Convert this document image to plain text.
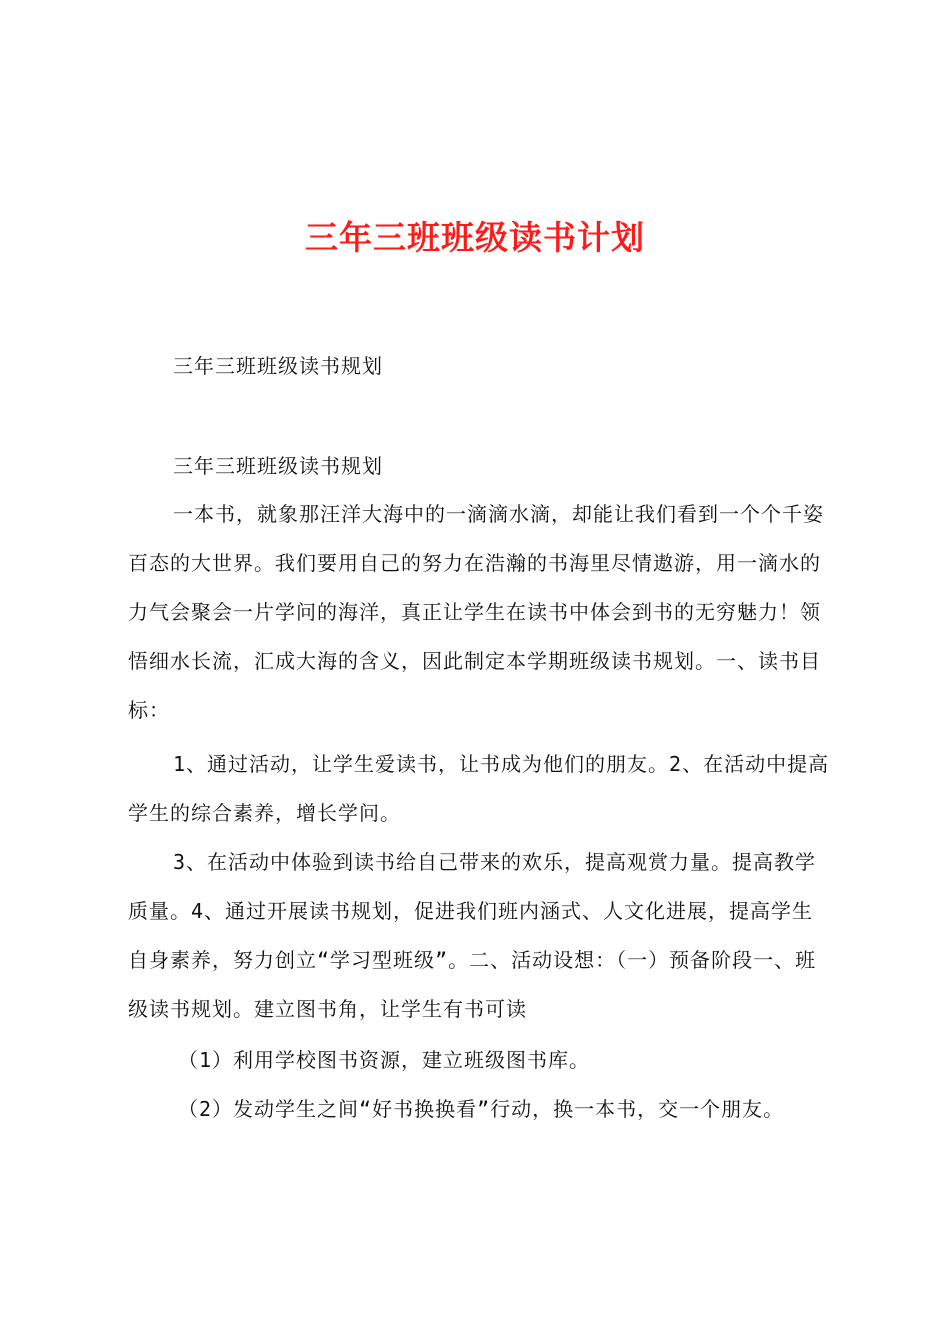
三年三班班级读书计划
三年三班班级读书规划
三年三班班级读书规划

一本书，就象那汪洋大海中的一滴滴水滴，却能让我们看到一个个千姿百态的大世界。我们要用自己的努力在浩瀚的书海里尽情遨游，用一滴水的力气会聚会一片学问的海洋，真正让学生在读书中体会到书的无穷魅力！领悟细水长流，汇成大海的含义，因此制定本学期班级读书规划。一、读书目标：

1、通过活动，让学生爱读书，让书成为他们的朋友。2、在活动中提高学生的综合素养，增长学问。

3、在活动中体验到读书给自己带来的欢乐，提高观赏力量。提高教学质量。4、通过开展读书规划，促进我们班内涵式、人文化进展，提高学生自身素养，努力创立“学习型班级”。二、活动设想：（一）预备阶段一、班级读书规划。建立图书角，让学生有书可读

（1）利用学校图书资源，建立班级图书库。

（2）发动学生之间“好书换换看”行动，换一本书，交一个朋友。
